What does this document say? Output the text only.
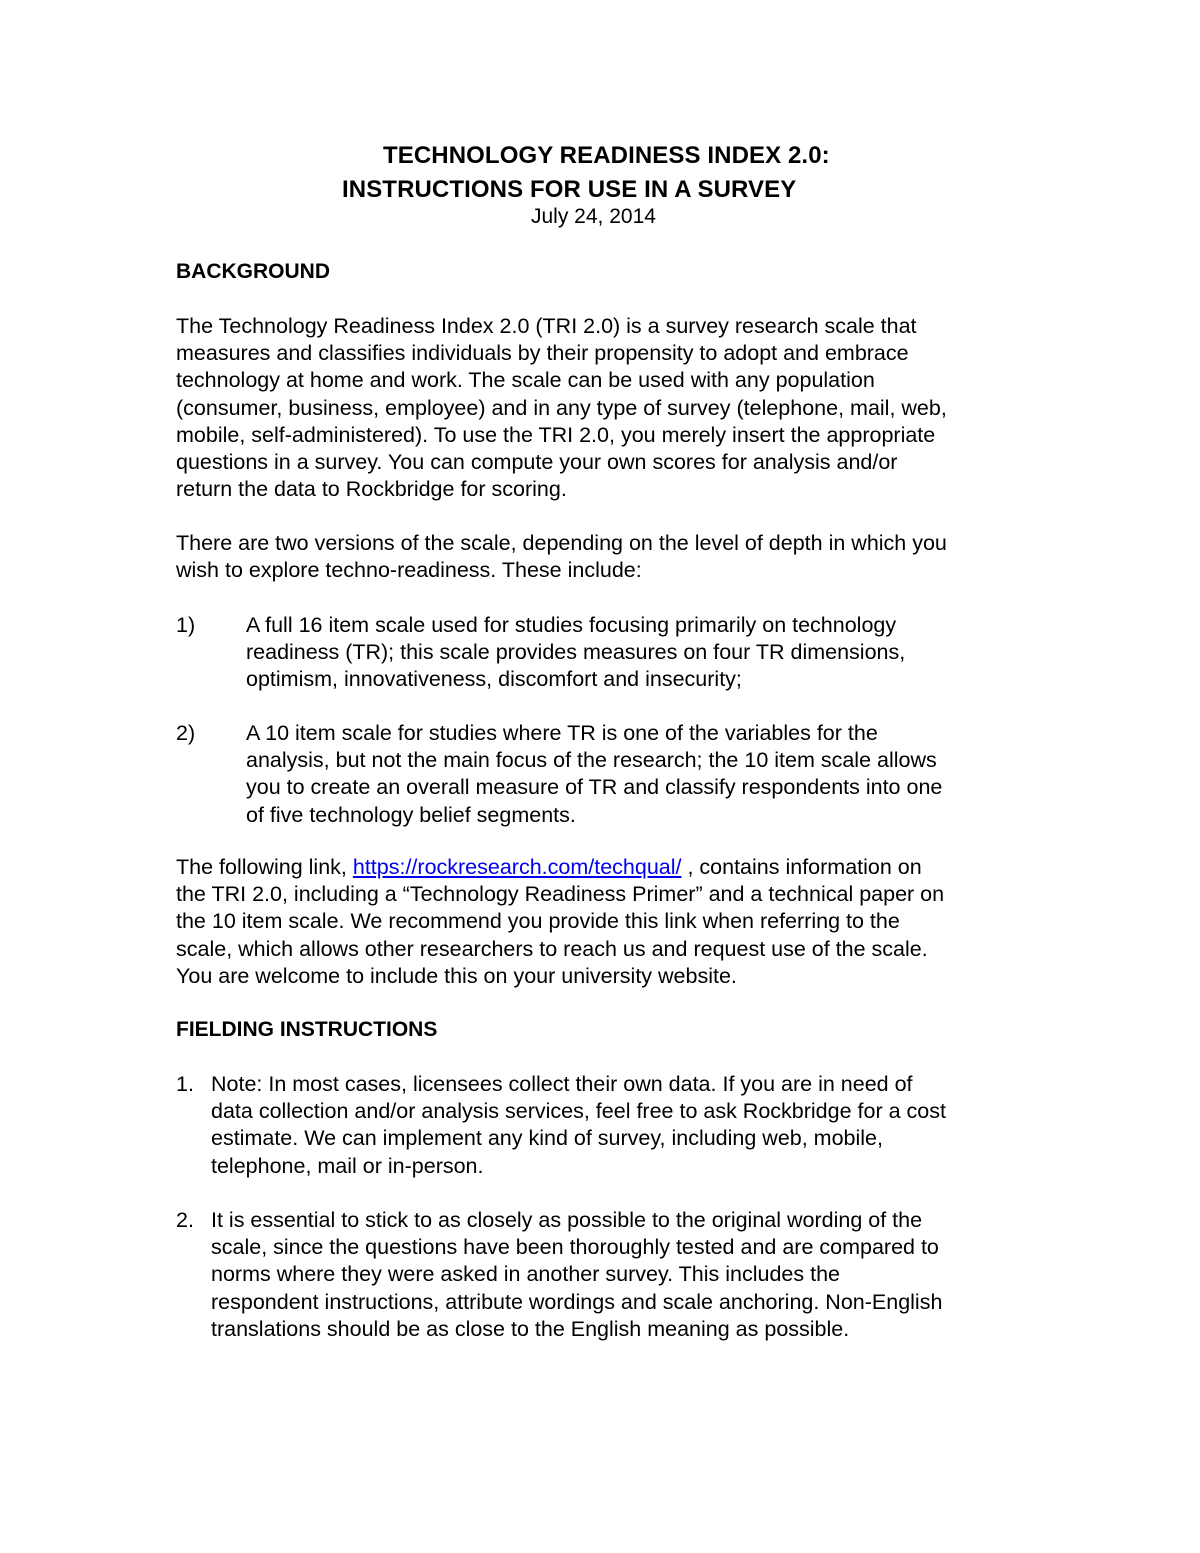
TECHNOLOGY READINESS INDEX 2.0:
INSTRUCTIONS FOR USE IN A SURVEY
July 24, 2014
BACKGROUND
The Technology Readiness Index 2.0 (TRI 2.0) is a survey research scale that
measures and classifies individuals by their propensity to adopt and embrace
technology at home and work. The scale can be used with any population
(consumer, business, employee) and in any type of survey (telephone, mail, web,
mobile, self-administered). To use the TRI 2.0, you merely insert the appropriate
questions in a survey. You can compute your own scores for analysis and/or
return the data to Rockbridge for scoring.
There are two versions of the scale, depending on the level of depth in which you
wish to explore techno-readiness. These include:
1) A full 16 item scale used for studies focusing primarily on technology
readiness (TR); this scale provides measures on four TR dimensions,
optimism, innovativeness, discomfort and insecurity;
2) A 10 item scale for studies where TR is one of the variables for the
analysis, but not the main focus of the research; the 10 item scale allows
you to create an overall measure of TR and classify respondents into one
of five technology belief segments.
The following link, https://rockresearch.com/techqual/ , contains information on
the TRI 2.0, including a “Technology Readiness Primer” and a technical paper on
the 10 item scale. We recommend you provide this link when referring to the
scale, which allows other researchers to reach us and request use of the scale.
You are welcome to include this on your university website.
FIELDING INSTRUCTIONS
1. Note: In most cases, licensees collect their own data. If you are in need of
data collection and/or analysis services, feel free to ask Rockbridge for a cost
estimate. We can implement any kind of survey, including web, mobile,
telephone, mail or in-person.
2. It is essential to stick to as closely as possible to the original wording of the
scale, since the questions have been thoroughly tested and are compared to
norms where they were asked in another survey. This includes the
respondent instructions, attribute wordings and scale anchoring. Non-English
translations should be as close to the English meaning as possible.
